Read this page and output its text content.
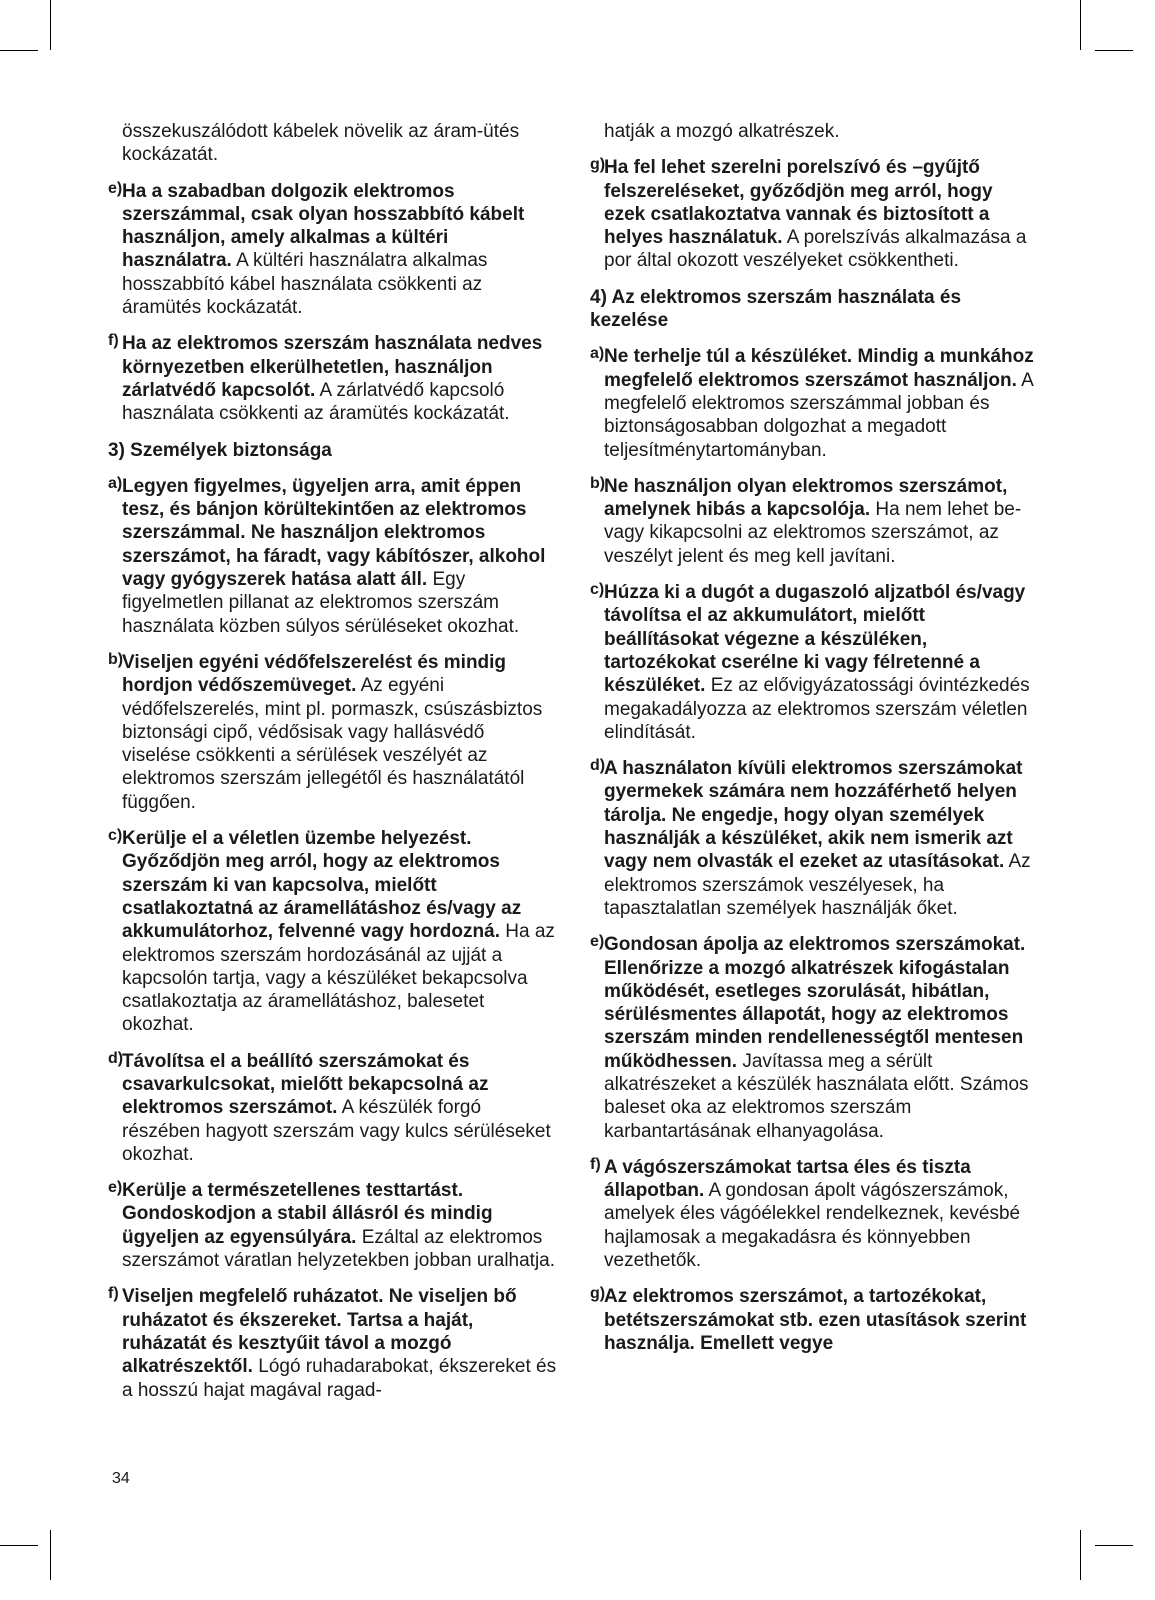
összekuszálódott kábelek növelik az áram-ütés kockázatát.

e) Ha a szabadban dolgozik elektromos szerszámmal, csak olyan hosszabbító kábelt használjon, amely alkalmas a kültéri használatra. A kültéri használatra alkalmas hosszabbító kábel használata csökkenti az áramütés kockázatát.

f) Ha az elektromos szerszám használata nedves környezetben elkerülhetetlen, használjon zárlatvédő kapcsolót. A zárlatvédő kapcsoló használata csökkenti az áramütés kockázatát.

3) Személyek biztonsága

a) Legyen figyelmes, ügyeljen arra, amit éppen tesz, és bánjon körültekintően az elektromos szerszámmal. Ne használjon elektromos szerszámot, ha fáradt, vagy kábítószer, alkohol vagy gyógyszerek hatása alatt áll. Egy figyelmetlen pillanat az elektromos szerszám használata közben súlyos sérüléseket okozhat.

b)

Viseljen egyéni védőfelszerelést és mindig hordjon védőszemüveget. Az egyéni védőfelszerelés, mint pl. pormaszk, csúszásbiztos biztonsági cipő, védősisak vagy hallásvédő viselése csökkenti a sérülések veszélyét az elektromos szerszám jellegétől és használatától függően.

c) Kerülje el a véletlen üzembe helyezést. Győződjön meg arról, hogy az elektromos szerszám ki van kapcsolva, mielőtt csatlakoztatná az áramellátáshoz és/vagy az akkumulátorhoz, felvenné vagy hordozná. Ha az elektromos szerszám hordozásánál az ujját a kapcsolón tartja, vagy a készüléket bekapcsolva csatlakoztatja az áramellátáshoz, balesetet okozhat.

d)

Távolítsa el a beállító szerszámokat és csavarkulcsokat, mielőtt bekapcsolná az elektromos szerszámot. A készülék forgó részében hagyott szerszám vagy kulcs sérüléseket okozhat.

e) Kerülje a természetellenes testtartást. Gondoskodjon a stabil állásról és mindig ügyeljen az egyensúlyára. Ezáltal az elektromos szerszámot váratlan helyzetekben jobban uralhatja.

f) Viseljen megfelelő ruházatot. Ne viseljen bő ruházatot és ékszereket. Tartsa a haját, ruházatát és kesztyűit távol a mozgó alkatrészektől. Lógó ruhadarabokat, ékszereket és a hosszú hajat magával ragad-

hatják a mozgó alkatrészek.

g)

Ha fel lehet szerelni porelszívó és –gyűjtő felszereléseket, győződjön meg arról, hogy ezek csatlakoztatva vannak és biztosított a helyes használatuk. A porelszívás alkalmazása a por által okozott veszélyeket csökkentheti.

4) Az elektromos szerszám használata és kezelése

a) Ne terhelje túl a készüléket. Mindig a munkához megfelelő elektromos szerszámot használjon. A megfelelő elektromos szerszámmal jobban és biztonságosabban dolgozhat a megadott teljesítménytartományban.

b)

Ne használjon olyan elektromos szerszámot, amelynek hibás a kapcsolója. Ha nem lehet be- vagy kikapcsolni az elektromos szerszámot, az veszélyt jelent és meg kell javítani.

c) Húzza ki a dugót a dugaszoló aljzatból és/vagy távolítsa el az akkumulátort, mielőtt beállításokat végezne a készüléken, tartozékokat cserélne ki vagy félretenné a készüléket. Ez az elővigyázatossági óvintézkedés megakadályozza az elektromos szerszám véletlen elindítását.

d)

A használaton kívüli elektromos szerszámokat gyermekek számára nem hozzáférhető helyen tárolja. Ne engedje, hogy olyan személyek használják a készüléket, akik nem ismerik azt vagy nem olvasták el ezeket az utasításokat. Az elektromos szerszámok veszélyesek, ha tapasztalatlan személyek használják őket.

e) Gondosan ápolja az elektromos szerszámokat. Ellenőrizze a mozgó alkatrészek kifogástalan működését, esetleges szorulását, hibátlan, sérülésmentes állapotát, hogy az elektromos szerszám minden rendellenességtől mentesen működhessen. Javítassa meg a sérült alkatrészeket a készülék használata előtt. Számos baleset oka az elektromos szerszám karbantartásának elhanyagolása.

f) A vágószerszámokat tartsa éles és tiszta állapotban. A gondosan ápolt vágószerszámok, amelyek éles vágóélekkel rendelkeznek, kevésbé hajlamosak a megakadásra és könnyebben vezethetők.

g)

Az elektromos szerszámot, a tartozékokat, betétszerszámokat stb. ezen utasítások szerint használja. Emellett vegye

34
